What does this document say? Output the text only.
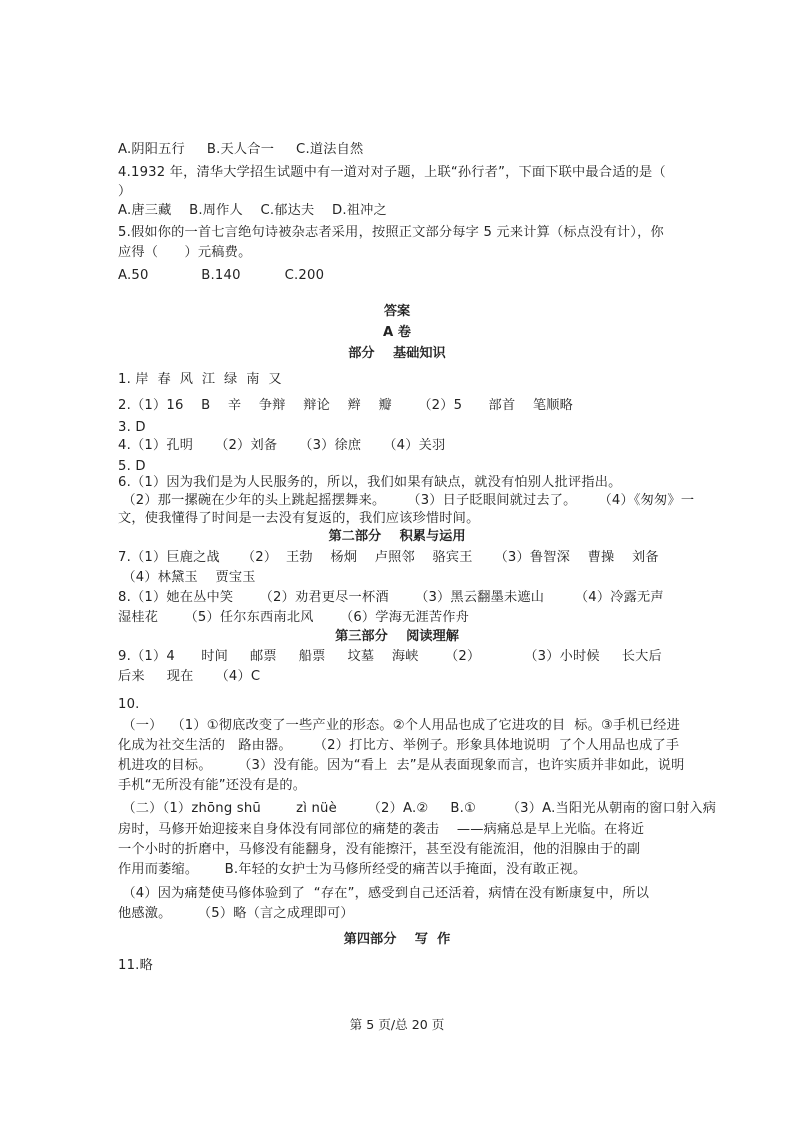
A.阴阳五行     B.天人合一     C.道法自然

4.1932 年，清华大学招生试题中有一道对对子题，上联“孙行者”，下面下联中最合适的是（

）

A.唐三藏    B.周作人    C.郁达夫    D.祖冲之

5.假如你的一首七言绝句诗被杂志者采用，按照正文部分每字 5 元来计算（标点没有计），你

应得（      ）元稿费。

A.50            B.140          C.200

答案

A 卷

部分    基础知识

1. 岸  春  风  江  绿  南  又

2.（1）16    B    辛    争辩    辩论    辫    瓣      （2）5      部首    笔顺略

3. D

4.（1）孔明     （2）刘备     （3）徐庶     （4）关羽

5. D

6.（1）因为我们是为人民服务的，所以，我们如果有缺点，就没有怕别人批评指出。

（2）那一摞碗在少年的头上跳起摇摆舞来。     （3）日子眨眼间就过去了。     （4）《匆匆》一

文，使我懂得了时间是一去没有复返的，我们应该珍惜时间。

第二部分    积累与运用

7.（1）巨鹿之战     （2）  王勃    杨炯    卢照邻    骆宾王     （3）鲁智深    曹操    刘备

（4）林黛玉    贾宝玉

8.（1）她在丛中笑      （2）劝君更尽一杯酒      （3）黑云翻墨未遮山       （4）冷露无声

湿桂花      （5）任尔东西南北风      （6）学海无涯苦作舟

第三部分    阅读理解

9.（1）4      时间     邮票     船票     坟墓    海峡      （2）          （3）小时候     长大后

后来     现在     （4）C

10.

（一）  （1）①彻底改变了一些产业的形态。②个人用品也成了它进攻的目  标。③手机已经进

化成为社交生活的   路由器。     （2）打比方、举例子。形象具体地说明  了个人用品也成了手

机进攻的目标。      （3）没有能。因为“看上  去”是从表面现象而言，也许实质并非如此，说明

手机“无所没有能”还没有是的。

（二）（1）zhōng shū        zì nüè       （2）A.②     B.①       （3）A.当阳光从朝南的窗口射入病

房时，马修开始迎接来自身体没有同部位的痛楚的袭击    ——病痛总是早上光临。在将近

一个小时的折磨中，马修没有能翻身，没有能擦汗，甚至没有能流泪，他的泪腺由于的副

作用而萎缩。      B.年轻的女护士为马修所经受的痛苦以手掩面，没有敢正视。

（4）因为痛楚使马修体验到了  “存在”，感受到自己还活着，病情在没有断康复中，所以

他感激。      （5）略（言之成理即可）

第四部分    写  作

11.略

第 5 页/总 20 页
